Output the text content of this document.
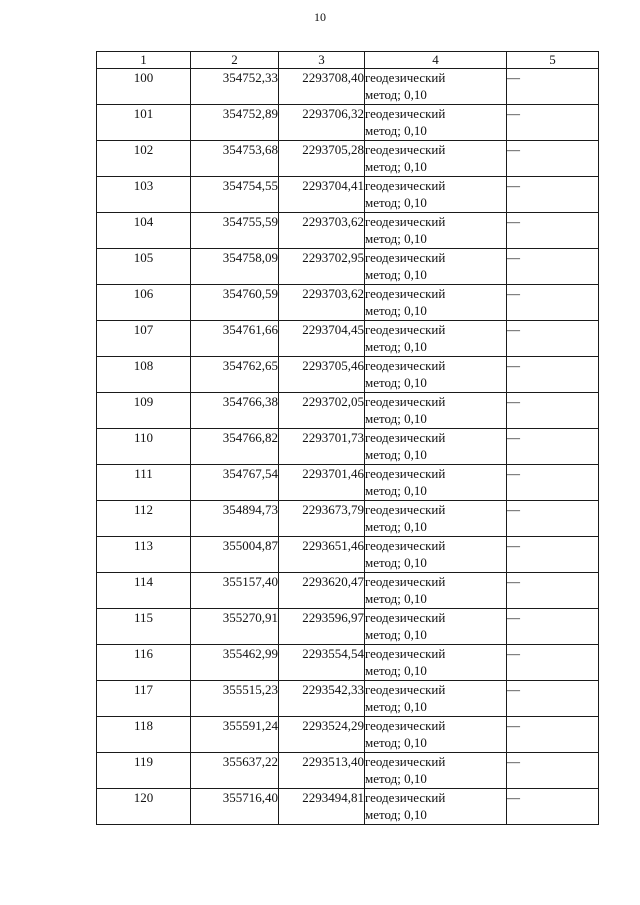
10
1	2	3	4	5
100	354752,33	2293708,40	геодезический
метод; 0,10	—
101	354752,89	2293706,32	геодезический
метод; 0,10	—
102	354753,68	2293705,28	геодезический
метод; 0,10	—
103	354754,55	2293704,41	геодезический
метод; 0,10	—
104	354755,59	2293703,62	геодезический
метод; 0,10	—
105	354758,09	2293702,95	геодезический
метод; 0,10	—
106	354760,59	2293703,62	геодезический
метод; 0,10	—
107	354761,66	2293704,45	геодезический
метод; 0,10	—
108	354762,65	2293705,46	геодезический
метод; 0,10	—
109	354766,38	2293702,05	геодезический
метод; 0,10	—
110	354766,82	2293701,73	геодезический
метод; 0,10	—
111	354767,54	2293701,46	геодезический
метод; 0,10	—
112	354894,73	2293673,79	геодезический
метод; 0,10	—
113	355004,87	2293651,46	геодезический
метод; 0,10	—
114	355157,40	2293620,47	геодезический
метод; 0,10	—
115	355270,91	2293596,97	геодезический
метод; 0,10	—
116	355462,99	2293554,54	геодезический
метод; 0,10	—
117	355515,23	2293542,33	геодезический
метод; 0,10	—
118	355591,24	2293524,29	геодезический
метод; 0,10	—
119	355637,22	2293513,40	геодезический
метод; 0,10	—
120	355716,40	2293494,81	геодезический
метод; 0,10	—
